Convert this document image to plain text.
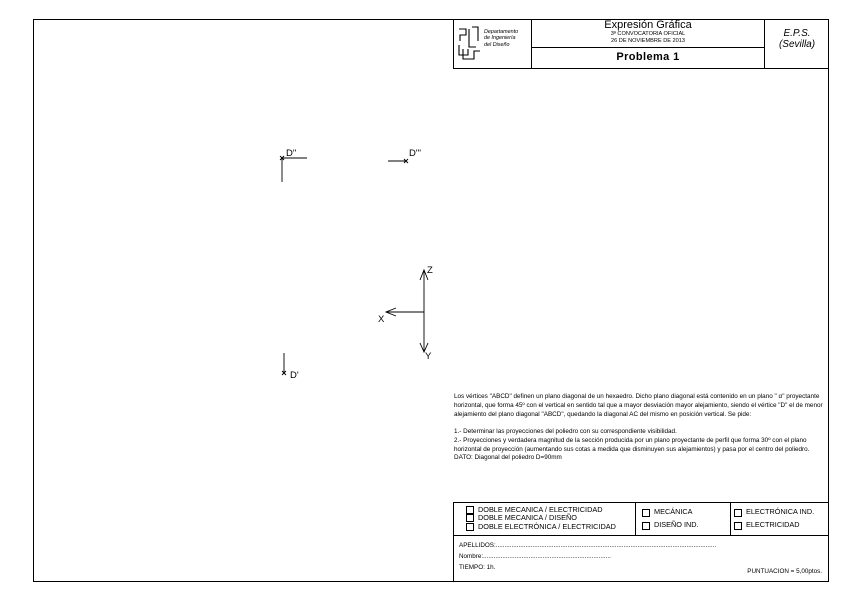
D"	D"'
D'
Z
X
Y
Departamento
de Ingeniería
del Diseño
Expresión Gráfica
3ª CONVOCATORIA OFICIAL
26 DE NOVIEMBRE DE 2013
Problema 1
E.P.S.
(Sevilla)

Los vértices "ABCD" definen un plano diagonal de un hexaedro. Dicho plano diagonal está contenido en un plano " α" proyectante horizontal, que forma 45º con el vertical en sentido tal que a mayor desviación mayor alejamiento, siendo el vértice "D" el de menor alejamiento del plano diagonal "ABCD", quedando la diagonal AC del mismo en posición vertical. Se pide:

1.- Determinar las proyecciones del poliedro con su correspondiente visibilidad.

2.- Proyecciones y verdadera magnitud de la sección producida por un plano proyectante de perfil que forma 30º con el plano horizontal de proyección (aumentando sus cotas a medida que disminuyen sus alejamientos) y pasa por el centro del poliedro.

DATO: Diagonal del poliedro D=90mm

DOBLE MECANICA / ELECTRICIDAD
DOBLE MECANICA / DISEÑO
DOBLE ELECTRÓNICA / ELECTRICIDAD
MECÁNICA
DISEÑO IND.
ELECTRÓNICA IND.
ELECTRICIDAD
APELLIDOS:..............................................................................................................................
Nombre:.........................................................................
TIEMPO: 1h.
PUNTUACION = 5,00ptos.
